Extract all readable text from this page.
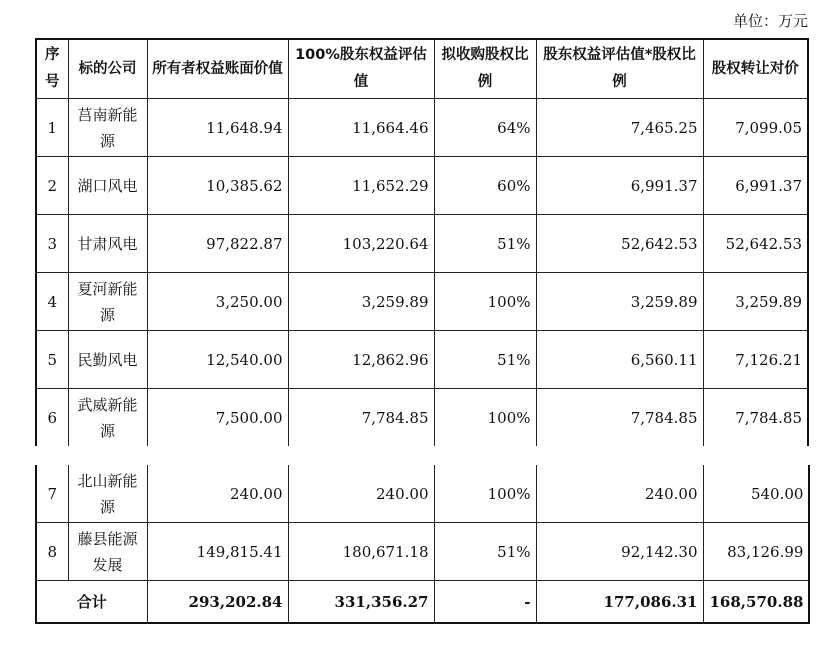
单位：万元
序号	标的公司	所有者权益账面价值	100%股东权益评估值	拟收购股权比例	股东权益评估值*股权比例	股权转让对价
1	莒南新能源	11,648.94	11,664.46	64%	7,465.25	7,099.05
2	湖口风电	10,385.62	11,652.29	60%	6,991.37	6,991.37
3	甘肃风电	97,822.87	103,220.64	51%	52,642.53	52,642.53
4	夏河新能源	3,250.00	3,259.89	100%	3,259.89	3,259.89
5	民勤风电	12,540.00	12,862.96	51%	6,560.11	7,126.21
6	武威新能源	7,500.00	7,784.85	100%	7,784.85	7,784.85
7	北山新能源	240.00	240.00	100%	240.00	540.00
8	藤县能源发展	149,815.41	180,671.18	51%	92,142.30	83,126.99
合计		293,202.84	331,356.27	-	177,086.31	168,570.88
